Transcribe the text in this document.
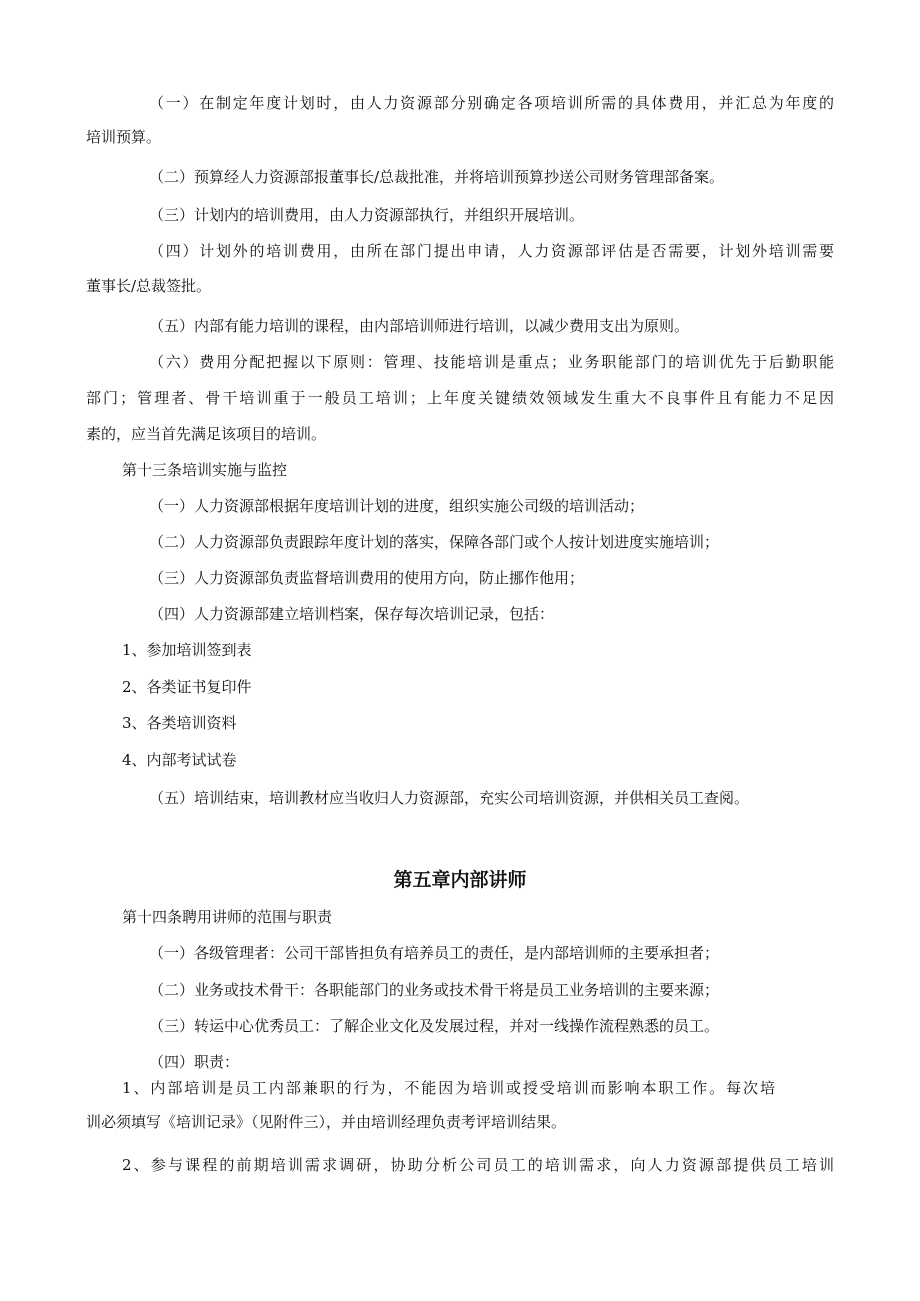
（一）在制定年度计划时，由人力资源部分别确定各项培训所需的具体费用，并汇总为年度的

培训预算。

（二）预算经人力资源部报董事长/总裁批准，并将培训预算抄送公司财务管理部备案。

（三）计划内的培训费用，由人力资源部执行，并组织开展培训。

（四）计划外的培训费用，由所在部门提出申请，人力资源部评估是否需要，计划外培训需要

董事长/总裁签批。

（五）内部有能力培训的课程，由内部培训师进行培训，以减少费用支出为原则。

（六）费用分配把握以下原则：管理、技能培训是重点；业务职能部门的培训优先于后勤职能

部门；管理者、骨干培训重于一般员工培训；上年度关键绩效领域发生重大不良事件且有能力不足因

素的，应当首先满足该项目的培训。

第十三条培训实施与监控

（一）人力资源部根据年度培训计划的进度，组织实施公司级的培训活动；

（二）人力资源部负责跟踪年度计划的落实，保障各部门或个人按计划进度实施培训；

（三）人力资源部负责监督培训费用的使用方向，防止挪作他用；

（四）人力资源部建立培训档案，保存每次培训记录，包括：

1、参加培训签到表

2、各类证书复印件

3、各类培训资料

4、内部考试试卷

（五）培训结束，培训教材应当收归人力资源部，充实公司培训资源，并供相关员工查阅。

第五章内部讲师

第十四条聘用讲师的范围与职责

（一）各级管理者：公司干部皆担负有培养员工的责任，是内部培训师的主要承担者；

（二）业务或技术骨干：各职能部门的业务或技术骨干将是员工业务培训的主要来源；

（三）转运中心优秀员工：了解企业文化及发展过程，并对一线操作流程熟悉的员工。

（四）职责：

1、内部培训是员工内部兼职的行为，不能因为培训或授受培训而影响本职工作。每次培

训必须填写《培训记录》（见附件三），并由培训经理负责考评培训结果。

2、参与课程的前期培训需求调研，协助分析公司员工的培训需求，向人力资源部提供员工培训
